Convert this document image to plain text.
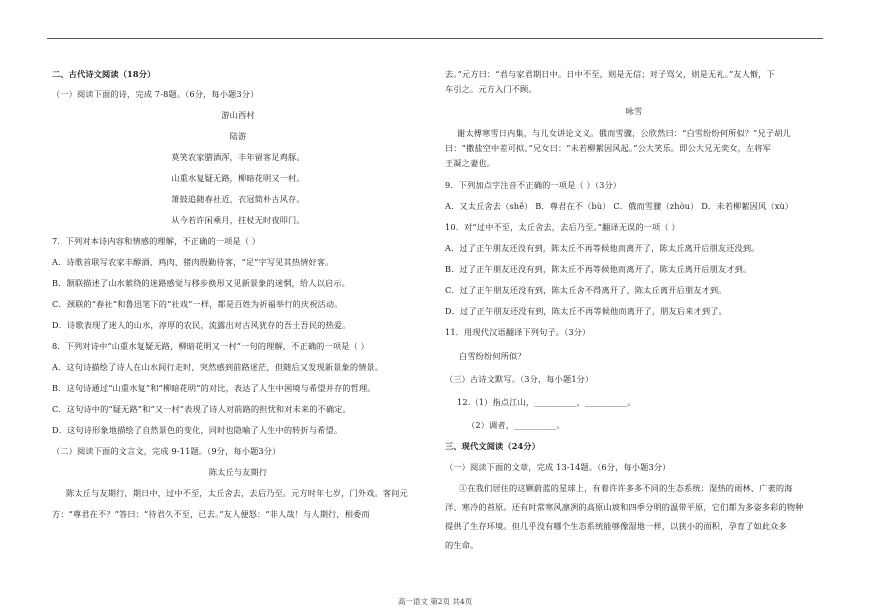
二、古代诗文阅读（18分）
（一）阅读下面的诗，完成 7-8题。（6分，每小题3分）
游山西村
陆游
莫笑农家腊酒浑，丰年留客足鸡豚。
山重水复疑无路，柳暗花明又一村。
箫鼓追随春社近，衣冠简朴古风存。
从今若许闲乘月，拄杖无时夜叩门。
7．下列对本诗内容和情感的理解，不正确的一项是（ ）
A．诗歌首联写农家丰醇酒、鸡肉、猪肉殷勤待客，“足”字写见其热情好客。
B．颔联描述了山水萦绕的迷路感觉与移步换形又见新景象的迷惘，给人以启示。
C．颈联的“春社”和鲁迅笔下的“社戏”一样，都是百姓为祈福举行的庆祝活动。
D．诗歌表现了迷人的山水，淳厚的农民，流露出对古风犹存的吾土吾民的热爱。
8．下列对诗中“山重水复疑无路，柳暗花明又一村”一句的理解，不正确的一项是（ ）
A．这句诗描绘了诗人在山水间行走时，突然感到前路迷茫，但随后又发现新景象的情景。
B．这句诗通过“山重水复”和“柳暗花明”的对比，表达了人生中困境与希望并存的哲理。
C．这句诗中的“疑无路”和“又一村”表现了诗人对前路的担忧和对未来的不确定。
D．这句诗形象地描绘了自然景色的变化，同时也隐喻了人生中的转折与希望。
（二）阅读下面的文言文，完成 9-11题。（9分，每小题3分）
陈太丘与友期行
陈太丘与友期行，期日中，过中不至，太丘舍去，去后乃至。元方时年七岁，门外戏。客问元
方：“尊君在不？”答曰：“待君久不至，已去。”友人便怒：“非人哉！与人期行，相委而
去。”元方曰：“君与家君期日中。日中不至，则是无信；对子骂父，则是无礼。”友人惭，下
车引之。元方入门不顾。
咏雪
谢太傅寒雪日内集，与儿女讲论文义。俄而雪骤，公欣然曰：“白雪纷纷何所似？”兄子胡儿
曰：“撒盐空中差可拟。”兄女曰：“未若柳絮因风起。”公大笑乐。即公大兄无奕女，左将军
王凝之妻也。
9．下列加点字注音不正确的一项是（ ）（3分）
A．又太丘舍去（shě） B．尊君在不（bù） C．俄而雪骤（zhòu） D．未若柳絮因风（xù）
10．对“过中不至，太丘舍去，去后乃至。”翻译无误的一项（ ）
A．过了正午朋友还没有到，陈太丘不再等候他而离开了，陈太丘离开后朋友还没到。
B．过了正午朋友还没有到，陈太丘不再等候他而离开了，陈太丘离开后朋友才到。
C．过了正午朋友还没有到，陈太丘舍不得离开了，陈太丘离开后朋友才到。
D．过了正午朋友还没有到，陈太丘不再等候他而离开了，朋友后来才到了。
11．用现代汉语翻译下列句子。（3分）
白雪纷纷何所似？
（三）古诗文默写。（3分，每小题1分）
12.（1）指点江山，__________，__________。
（2）调者，__________。
三、现代文阅读（24分）
（一）阅读下面的文章，完成 13-14题。（6分，每小题3分）
①在我们居住的这颗蔚蓝的星球上，有着许许多多不同的生态系统：湿热的雨林、广袤的海
洋、寒冷的苔原。还有时常寒风凛冽的高原山坡和四季分明的温带平原，它们都为多姿多彩的物种
提供了生存环境。但几乎没有哪个生态系统能够像湿地一样，以狭小的面积，孕育了如此众多
的生命。
高一语文 第2页 共4页
